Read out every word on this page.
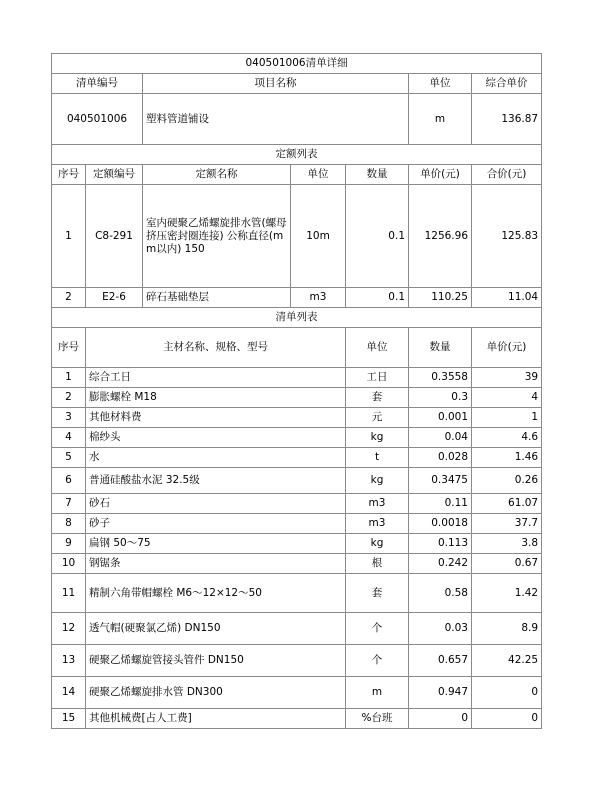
040501006清单详细							
清单编号		项目名称			单位	综合单价	
040501006		塑料管道铺设			m	136.87	
定额列表							
序号	定额编号	定额名称	单位	数量	单价(元)	合价(元)	
1	C8-291	室内硬聚乙烯螺旋排水管(螺母挤压密封圈连接) 公称直径(mm以内) 150	10m	0.1	1256.96	125.83	
2	E2-6	碎石基础垫层	m3	0.1	110.25	11.04	
清单列表							
序号	主材名称、规格、型号			单位	数量	单价(元)	
1	综合工日			工日	0.3558	39	
2	膨胀螺栓 M18			套	0.3	4	
3	其他材料费			元	0.001	1	
4	棉纱头			kg	0.04	4.6	
5	水			t	0.028	1.46	
6	普通硅酸盐水泥 32.5级			kg	0.3475	0.26	
7	砂石			m3	0.11	61.07	
8	砂子			m3	0.0018	37.7	
9	扁钢 50～75			kg	0.113	3.8	
10	钢锯条			根	0.242	0.67	
11	精制六角带帽螺栓 M6～12×12～50			套	0.58	1.42	
12	透气帽(硬聚氯乙烯) DN150			个	0.03	8.9	
13	硬聚乙烯螺旋管接头管件 DN150			个	0.657	42.25	
14	硬聚乙烯螺旋排水管 DN300			m	0.947	0	
15	其他机械费[占人工费]			%台班	0	0	
